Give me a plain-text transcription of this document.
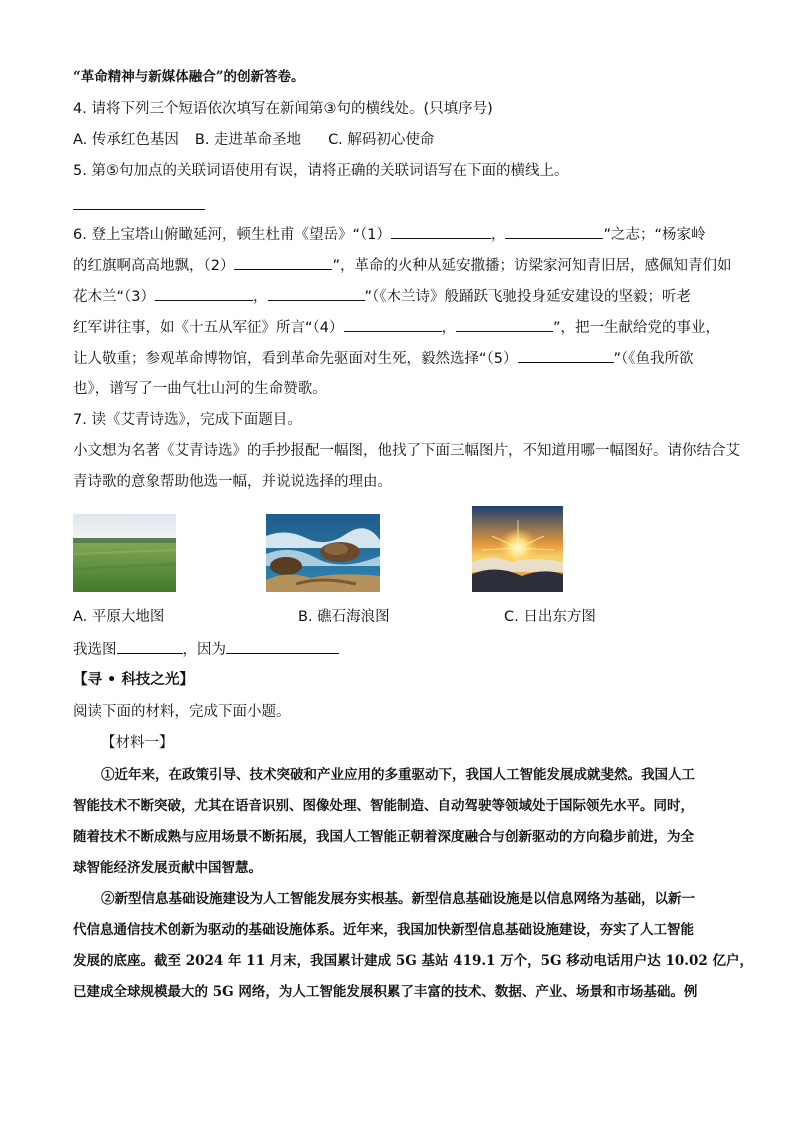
“革命精神与新媒体融合”的创新答卷。
4. 请将下列三个短语依次填写在新闻第③句的横线处。(只填序号)
A. 传承红色基因 B. 走进革命圣地 C. 解码初心使命
5. 第⑤句加点的关联词语使用有误，请将正确的关联词语写在下面的横线上。
6. 登上宝塔山俯瞰延河，顿生杜甫《望岳》“（1）	，	”之志；“杨家岭
的红旗啊高高地飘，（2）	”，革命的火种从延安撒播；访梁家河知青旧居，感佩知青们如
花木兰“（3）	，	”（《木兰诗》般踊跃飞驰投身延安建设的坚毅；听老
红军讲往事，如《十五从军征》所言“（4）	，	”，把一生献给党的事业，
让人敬重；参观革命博物馆，看到革命先驱面对生死，毅然选择“（5）	”（《鱼我所欲
也》，谱写了一曲气壮山河的生命赞歌。
7. 读《艾青诗选》，完成下面题目。
小文想为名著《艾青诗选》的手抄报配一幅图，他找了下面三幅图片，不知道用哪一幅图好。请你结合艾
青诗歌的意象帮助他选一幅，并说说选择的理由。
A. 平原大地图	B. 礁石海浪图	C. 日出东方图
我选图	，因为
【寻 • 科技之光】
阅读下面的材料，完成下面小题。
【材料一】
①近年来，在政策引导、技术突破和产业应用的多重驱动下，我国人工智能发展成就斐然。我国人工
智能技术不断突破，尤其在语音识别、图像处理、智能制造、自动驾驶等领域处于国际领先水平。同时，
随着技术不断成熟与应用场景不断拓展，我国人工智能正朝着深度融合与创新驱动的方向稳步前进，为全
球智能经济发展贡献中国智慧。
②新型信息基础设施建设为人工智能发展夯实根基。新型信息基础设施是以信息网络为基础，以新一
代信息通信技术创新为驱动的基础设施体系。近年来，我国加快新型信息基础设施建设，夯实了人工智能
发展的底座。截至 2024 年 11 月末，我国累计建成 5G 基站 419.1 万个，5G 移动电话用户达 10.02 亿户，
已建成全球规模最大的 5G 网络，为人工智能发展积累了丰富的技术、数据、产业、场景和市场基础。例
